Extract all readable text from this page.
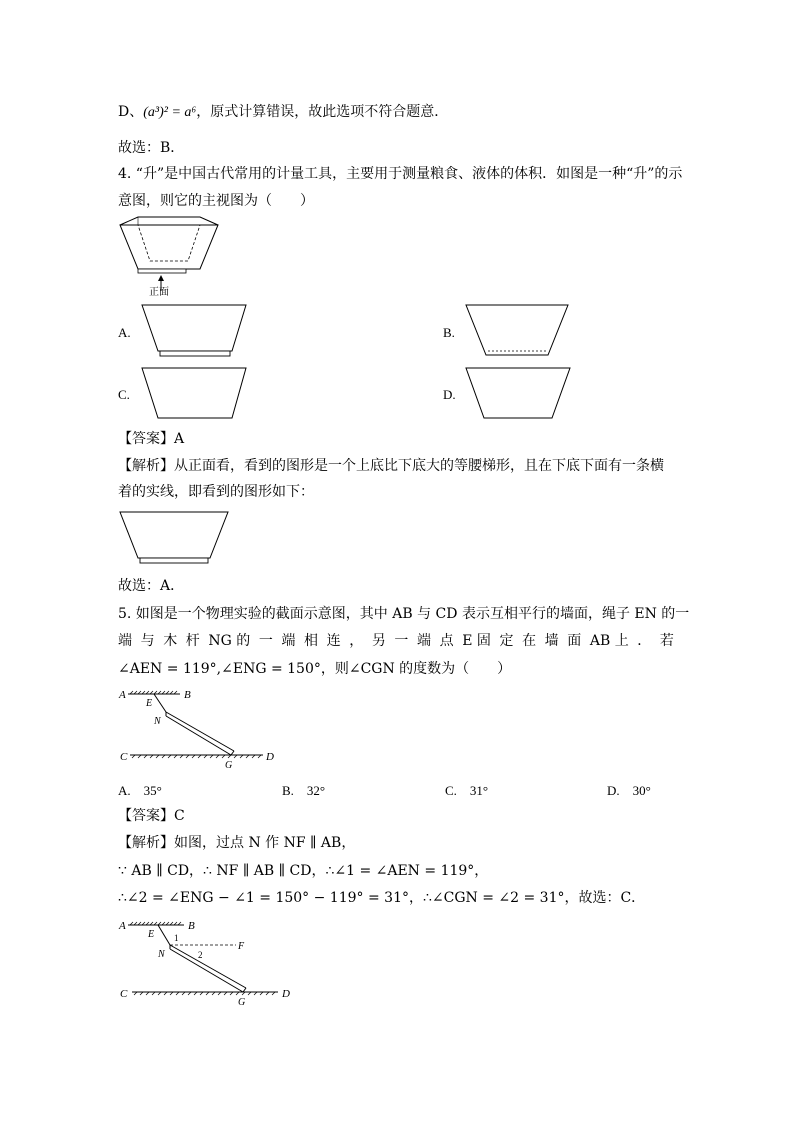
D、(a³)² = a⁶，原式计算错误，故此选项不符合题意．
故选：B．
4. “升”是中国古代常用的计量工具，主要用于测量粮食、液体的体积．如图是一种“升”的示
意图，则它的主视图为（　　）
正面
A.	B.
C.	D.
【答案】A
【解析】从正面看，看到的图形是一个上底比下底大的等腰梯形，且在下底下面有一条横
着的实线，即看到的图形如下：
故选：A．
5. 如图是一个物理实验的截面示意图，其中 AB 与 CD 表示互相平行的墙面，绳子 EN 的一
端 与 木 杆 NG 的 一 端 相 连 ， 另 一 端 点 E 固 定 在 墙 面 AB 上 ． 若
∠AEN = 119°,∠ENG = 150°，则∠CGN 的度数为（　　）
A	B
E
N
C	D
G
A.　35°	B.　32°	C.　31°	D.　30°
【答案】C
【解析】如图，过点 N 作 NF ∥ AB，
∵ AB ∥ CD，∴ NF ∥ AB ∥ CD，∴∠1 = ∠AEN = 119°，
∴∠2 = ∠ENG − ∠1 = 150° − 119° = 31°，∴∠CGN = ∠2 = 31°，故选：C．
A	B
E
F
1
2
N
C	D
G
